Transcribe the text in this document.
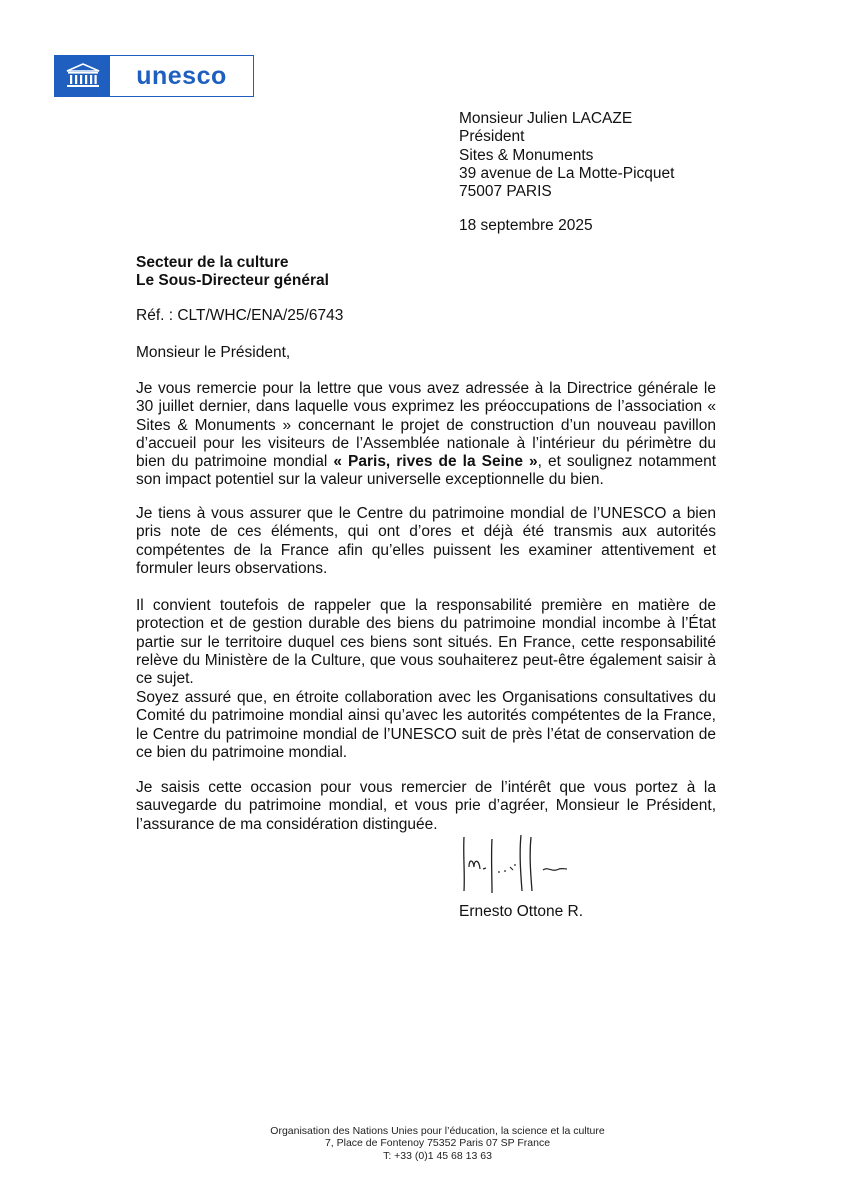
unesco
Monsieur Julien LACAZE
Président
Sites & Monuments
39 avenue de La Motte-Picquet
75007 PARIS
18 septembre 2025
Secteur de la culture
Le Sous-Directeur général
Réf. : CLT/WHC/ENA/25/6743
Monsieur le Président,
Je vous remercie pour la lettre que vous avez adressée à la Directrice générale le 30 juillet dernier, dans laquelle vous exprimez les préoccupations de l’association « Sites & Monuments » concernant le projet de construction d’un nouveau pavillon d’accueil pour les visiteurs de l’Assemblée nationale à l’intérieur du périmètre du bien du patrimoine mondial « Paris, rives de la Seine », et soulignez notamment son impact potentiel sur la valeur universelle exceptionnelle du bien.
Je tiens à vous assurer que le Centre du patrimoine mondial de l’UNESCO a bien pris note de ces éléments, qui ont d’ores et déjà été transmis aux autorités compétentes de la France afin qu’elles puissent les examiner attentivement et formuler leurs observations.
Il convient toutefois de rappeler que la responsabilité première en matière de protection et de gestion durable des biens du patrimoine mondial incombe à l’État partie sur le territoire duquel ces biens sont situés. En France, cette responsabilité relève du Ministère de la Culture, que vous souhaiterez peut-être également saisir à ce sujet.
Soyez assuré que, en étroite collaboration avec les Organisations consultatives du Comité du patrimoine mondial ainsi qu’avec les autorités compétentes de la France, le Centre du patrimoine mondial de l’UNESCO suit de près l’état de conservation de ce bien du patrimoine mondial.
Je saisis cette occasion pour vous remercier de l’intérêt que vous portez à la sauvegarde du patrimoine mondial, et vous prie d’agréer, Monsieur le Président, l’assurance de ma considération distinguée.
Ernesto Ottone R.
Organisation des Nations Unies pour l’éducation, la science et la culture
7, Place de Fontenoy 75352 Paris 07 SP France
T: +33 (0)1 45 68 13 63
